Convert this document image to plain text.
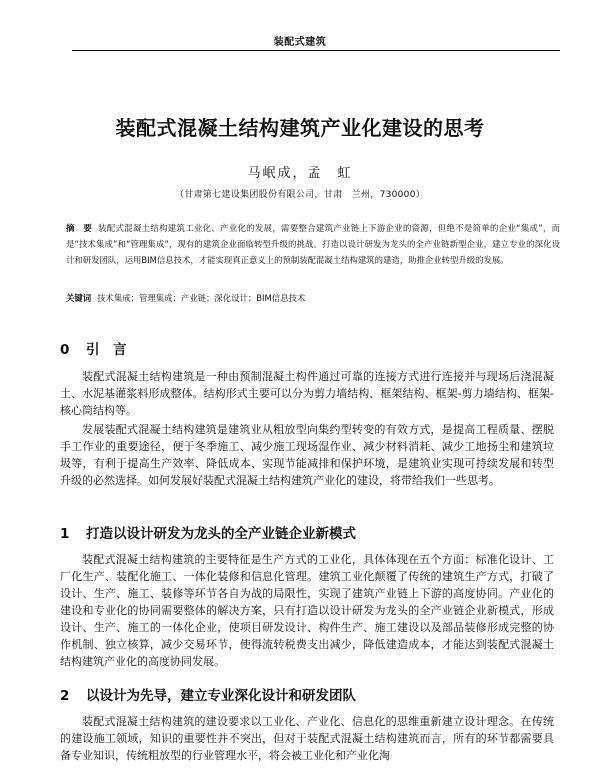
装配式建筑
装配式混凝土结构建筑产业化建设的思考
马岷成，孟　虹
（甘肃第七建设集团股份有限公司，甘肃　兰州，730000）
摘　要 装配式混凝土结构建筑工业化、产业化的发展，需要整合建筑产业链上下游企业的资源，但绝不是简单的企业“集成”，而是“技术集成”和“管理集成”，现有的建筑企业面临转型升级的挑战。打造以设计研发为龙头的全产业链新型企业，建立专业的深化设计和研发团队，运用BIM信息技术，才能实现真正意义上的预制装配混凝土结构建筑的建造，助推企业转型升级的发展。
关键词 技术集成；管理集成；产业链；深化设计；BIM信息技术
0 引　言
装配式混凝土结构建筑是一种由预制混凝土构件通过可靠的连接方式进行连接并与现场后浇混凝土、水泥基灌浆料形成整体。结构形式主要可以分为剪力墙结构、框架结构、框架-剪力墙结构、框架-核心筒结构等。
发展装配式混凝土结构建筑是建筑业从粗放型向集约型转变的有效方式，是提高工程质量、摆脱手工作业的重要途径，便于冬季施工、减少施工现场湿作业、减少材料消耗、减少工地扬尘和建筑垃圾等，有利于提高生产效率、降低成本、实现节能减排和保护环境，是建筑业实现可持续发展和转型升级的必然选择。如何发展好装配式混凝土结构建筑产业化的建设，将带给我们一些思考。
1 打造以设计研发为龙头的全产业链企业新模式
装配式混凝土结构建筑的主要特征是生产方式的工业化，具体体现在五个方面：标准化设计、工厂化生产、装配化施工、一体化装修和信息化管理。建筑工业化颠覆了传统的建筑生产方式，打破了设计、生产、施工、装修等环节各自为战的局限性，实现了建筑产业链上下游的高度协同。产业化的建设和专业化的协同需要整体的解决方案，只有打造以设计研发为龙头的全产业链企业新模式，形成设计、生产、施工的一体化企业，使项目研发设计、构件生产、施工建设以及部品装修形成完整的协作机制、独立核算，减少交易环节，使得流转税费支出减少，降低建造成本，才能达到装配式混凝土结构建筑产业化的高度协同发展。
2 以设计为先导，建立专业深化设计和研发团队
装配式混凝土结构建筑的建设要求以工业化、产业化、信息化的思维重新建立设计理念。在传统的建设施工领域，知识的重要性并不突出，但对于装配式混凝土结构建筑而言，所有的环节都需要具备专业知识，传统粗放型的行业管理水平，将会被工业化和产业化淘
